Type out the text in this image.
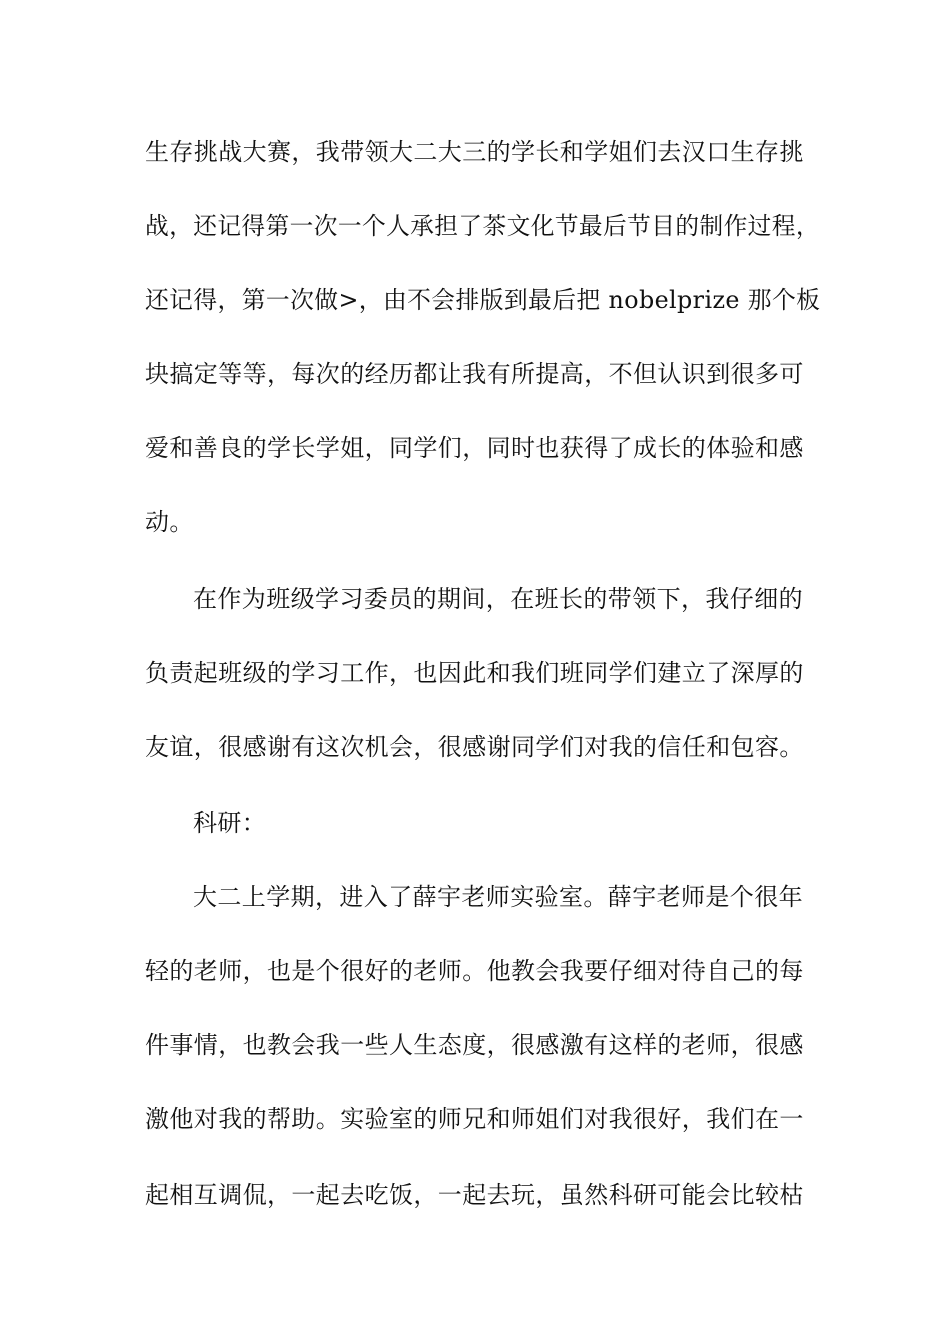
生存挑战大赛，我带领大二大三的学长和学姐们去汉口生存挑
战，还记得第一次一个人承担了茶文化节最后节目的制作过程，
还记得，第一次做>，由不会排版到最后把 nobelprize 那个板
块搞定等等，每次的经历都让我有所提高，不但认识到很多可
爱和善良的学长学姐，同学们，同时也获得了成长的体验和感
动。
在作为班级学习委员的期间，在班长的带领下，我仔细的
负责起班级的学习工作，也因此和我们班同学们建立了深厚的
友谊，很感谢有这次机会，很感谢同学们对我的信任和包容。
科研：
大二上学期，进入了薛宇老师实验室。薛宇老师是个很年
轻的老师，也是个很好的老师。他教会我要仔细对待自己的每
件事情，也教会我一些人生态度，很感激有这样的老师，很感
激他对我的帮助。实验室的师兄和师姐们对我很好，我们在一
起相互调侃，一起去吃饭，一起去玩，虽然科研可能会比较枯
